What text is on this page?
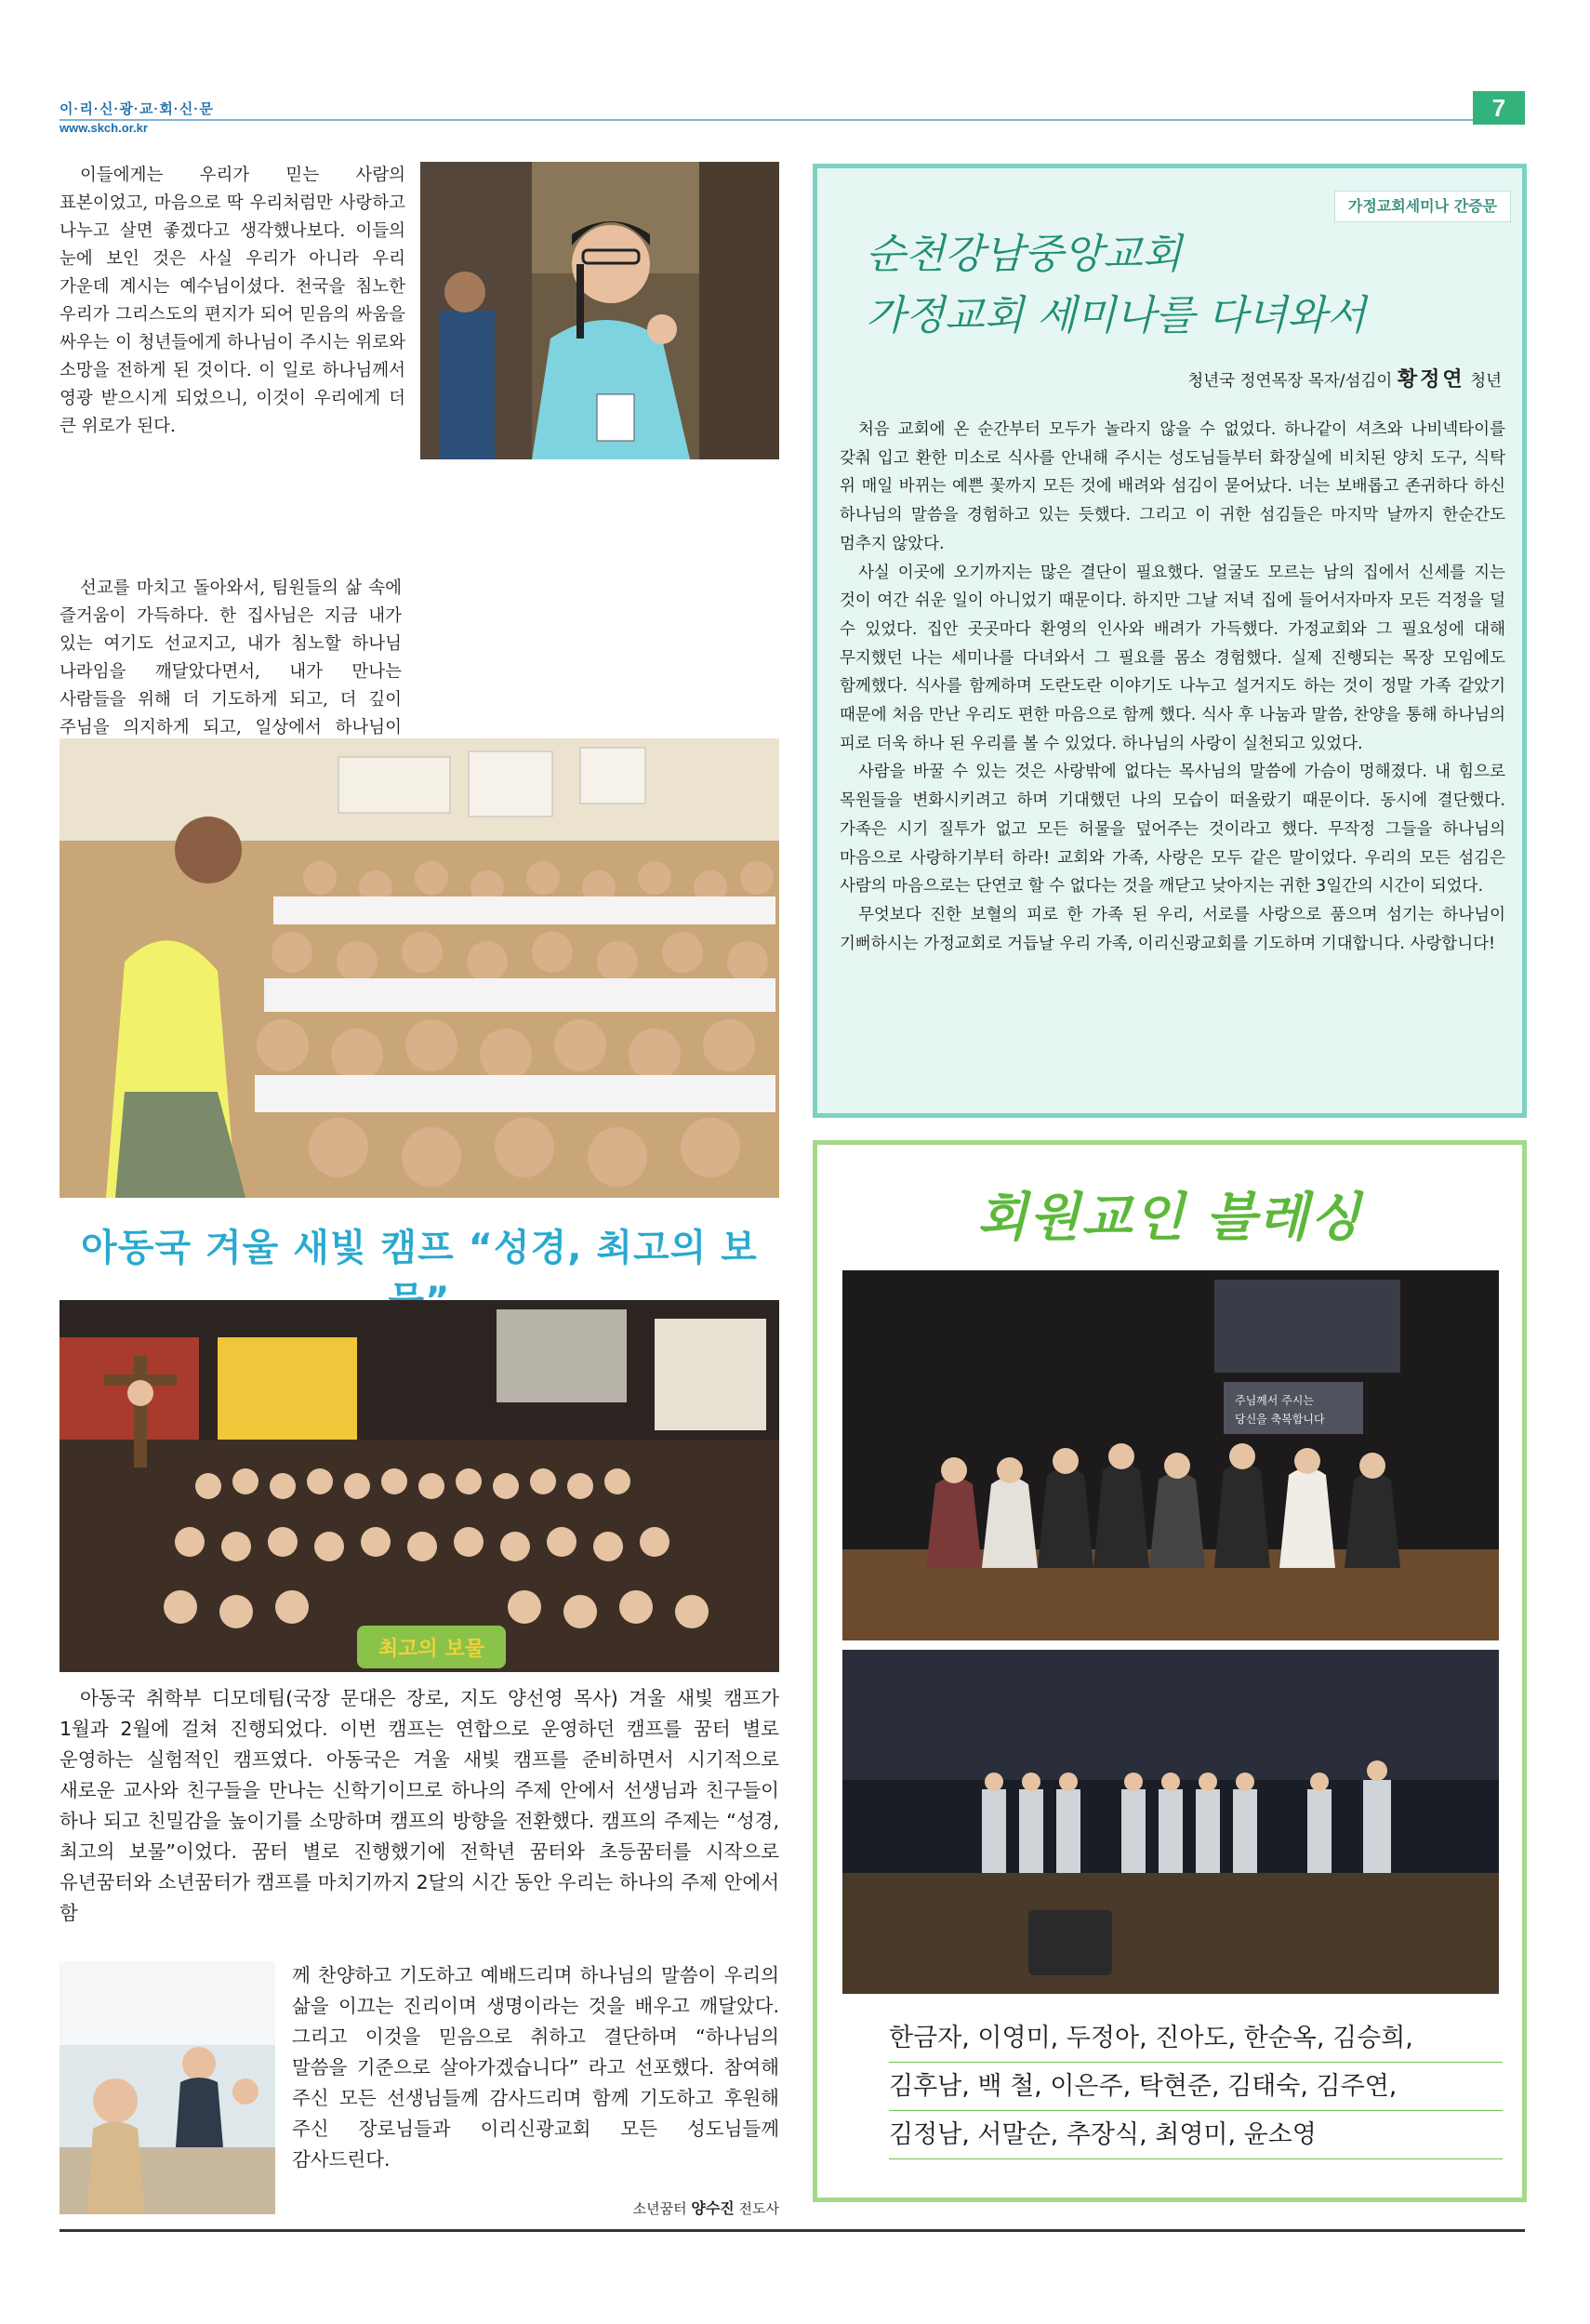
이·리·신·광·교·회·신·문
www.skch.or.kr
7

이들에게는 우리가 믿는 사람의 표본이었고, 마음으로 딱 우리처럼만 사랑하고 나누고 살면 좋겠다고 생각했나보다. 이들의 눈에 보인 것은 사실 우리가 아니라 우리 가운데 계시는 예수님이셨다. 천국을 침노한 우리가 그리스도의 편지가 되어 믿음의 싸움을 싸우는 이 청년들에게 하나님이 주시는 위로와 소망을 전하게 된 것이다. 이 일로 하나님께서 영광 받으시게 되었으니, 이것이 우리에게 더 큰 위로가 된다.

선교를 마치고 돌아와서, 팀원들의 삶 속에 즐거움이 가득하다. 한 집사님은 지금 내가 있는 여기도 선교지고, 내가 침노할 하나님 나라임을 깨달았다면서, 내가 만나는 사람들을 위해 더 기도하게 되고, 더 깊이 주님을 의지하게 되고, 일상에서 하나님이

아동국 겨울 새빛 캠프 “성경, 최고의 보
최고의 보물

아동국 취학부 디모데팀(국장 문대은 장로, 지도 양선영 목사) 겨울 새빛 캠프가 1월과 2월에 걸쳐 진행되었다. 이번 캠프는 연합으로 운영하던 캠프를 꿈터 별로 운영하는 실험적인 캠프였다. 아동국은 겨울 새빛 캠프를 준비하면서 시기적으로 새로운 교사와 친구들을 만나는 신학기이므로 하나의 주제 안에서 선생님과 친구들이 하나 되고 친밀감을 높이기를 소망하며 캠프의 방향을 전환했다. 캠프의 주제는 “성경, 최고의 보물”이었다. 꿈터 별로 진행했기에 전학년 꿈터와 초등꿈터를 시작으로 유년꿈터와 소년꿈터가 캠프를 마치기까지 2달의 시간 동안 우리는 하나의 주제 안에서 함

께 찬양하고 기도하고 예배드리며 하나님의 말씀이 우리의 삶을 이끄는 진리이며 생명이라는 것을 배우고 깨달았다. 그리고 이것을 믿음으로 취하고 결단하며 “하나님의 말씀을 기준으로 살아가겠습니다” 라고 선포했다. 참여해 주신 모든 선생님들께 감사드리며 함께 기도하고 후원해 주신 장로님들과 이리신광교회 모든 성도님들께 감사드린다.

소년꿈터 양수진 전도사
가정교회세미나 간증문
순천강남중앙교회
가정교회 세미나를 다녀와서
청년국 정연목장 목자/섬김이 황정연 청년

처음 교회에 온 순간부터 모두가 놀라지 않을 수 없었다. 하나같이 셔츠와 나비넥타이를 갖춰 입고 환한 미소로 식사를 안내해 주시는 성도님들부터 화장실에 비치된 양치 도구, 식탁 위 매일 바뀌는 예쁜 꽃까지 모든 것에 배려와 섬김이 묻어났다. 너는 보배롭고 존귀하다 하신 하나님의 말씀을 경험하고 있는 듯했다. 그리고 이 귀한 섬김들은 마지막 날까지 한순간도 멈추지 않았다.

사실 이곳에 오기까지는 많은 결단이 필요했다. 얼굴도 모르는 남의 집에서 신세를 지는 것이 여간 쉬운 일이 아니었기 때문이다. 하지만 그날 저녁 집에 들어서자마자 모든 걱정을 덜 수 있었다. 집안 곳곳마다 환영의 인사와 배려가 가득했다. 가정교회와 그 필요성에 대해 무지했던 나는 세미나를 다녀와서 그 필요를 몸소 경험했다. 실제 진행되는 목장 모임에도 함께했다. 식사를 함께하며 도란도란 이야기도 나누고 설거지도 하는 것이 정말 가족 같았기 때문에 처음 만난 우리도 편한 마음으로 함께 했다. 식사 후 나눔과 말씀, 찬양을 통해 하나님의 피로 더욱 하나 된 우리를 볼 수 있었다. 하나님의 사랑이 실천되고 있었다.

사람을 바꿀 수 있는 것은 사랑밖에 없다는 목사님의 말씀에 가슴이 멍해졌다. 내 힘으로 목원들을 변화시키려고 하며 기대했던 나의 모습이 떠올랐기 때문이다. 동시에 결단했다. 가족은 시기 질투가 없고 모든 허물을 덮어주는 것이라고 했다. 무작정 그들을 하나님의 마음으로 사랑하기부터 하라! 교회와 가족, 사랑은 모두 같은 말이었다. 우리의 모든 섬김은 사람의 마음으로는 단연코 할 수 없다는 것을 깨닫고 낮아지는 귀한 3일간의 시간이 되었다.

무엇보다 진한 보혈의 피로 한 가족 된 우리, 서로를 사랑으로 품으며 섬기는 하나님이 기뻐하시는 가정교회로 거듭날 우리 가족, 이리신광교회를 기도하며 기대합니다. 사랑합니다!

회원교인 블레싱
주님께서 주시는
당신을 축복합니다
한금자, 이영미, 두정아, 진아도, 한순옥, 김승희,
김후남, 백 철, 이은주, 탁현준, 김태숙, 김주연,
김정남, 서말순, 추장식, 최영미, 윤소영
